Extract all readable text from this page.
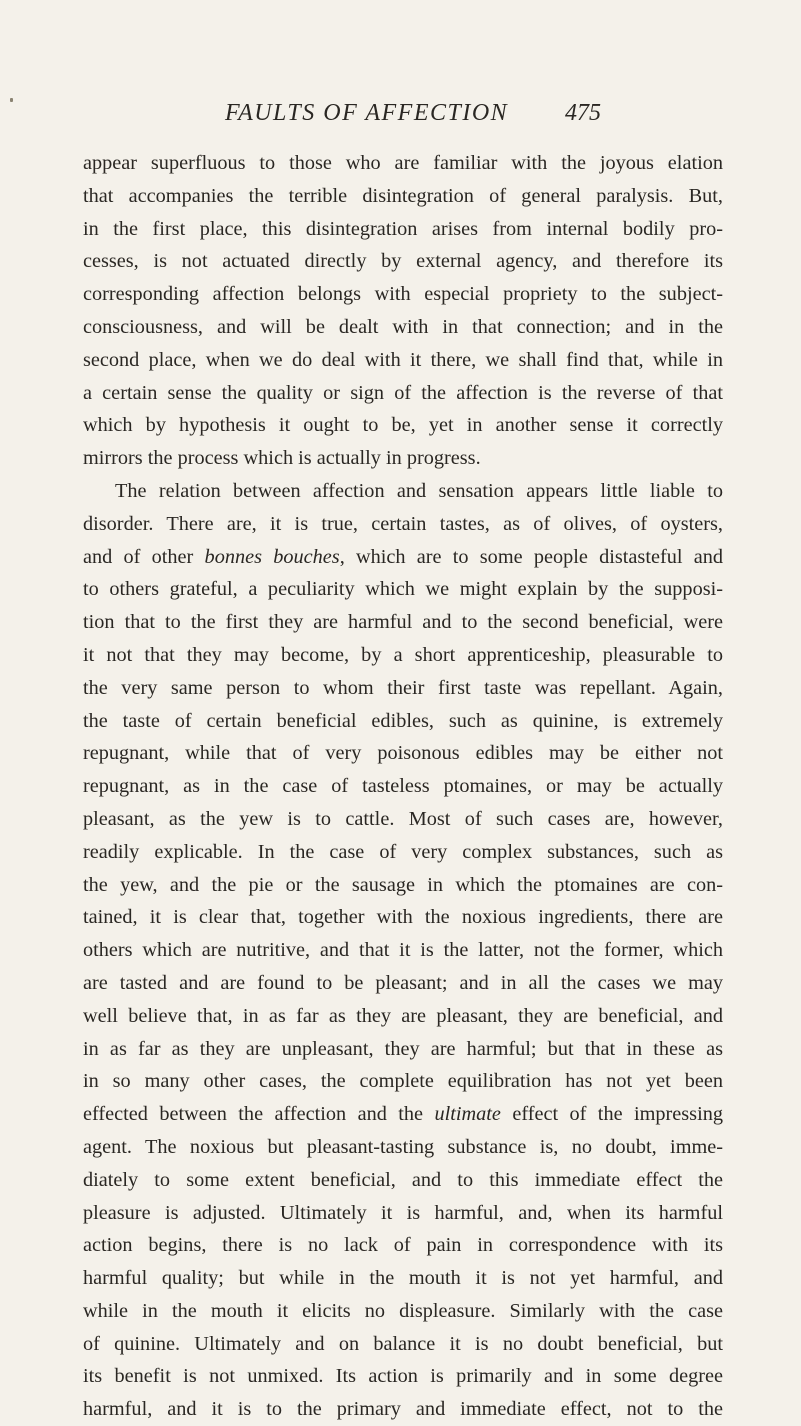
FAULTS OF AFFECTION 475
appear superfluous to those who are familiar with the joyous elation
that accompanies the terrible disintegration of general paralysis. But,
in the first place, this disintegration arises from internal bodily pro-
cesses, is not actuated directly by external agency, and therefore its
corresponding affection belongs with especial propriety to the subject-
consciousness, and will be dealt with in that connection; and in the
second place, when we do deal with it there, we shall find that, while in
a certain sense the quality or sign of the affection is the reverse of that
which by hypothesis it ought to be, yet in another sense it correctly
mirrors the process which is actually in progress.
The relation between affection and sensation appears little liable to
disorder. There are, it is true, certain tastes, as of olives, of oysters,
and of other bonnes bouches, which are to some people distasteful and
to others grateful, a peculiarity which we might explain by the supposi-
tion that to the first they are harmful and to the second beneficial, were
it not that they may become, by a short apprenticeship, pleasurable to
the very same person to whom their first taste was repellant. Again,
the taste of certain beneficial edibles, such as quinine, is extremely
repugnant, while that of very poisonous edibles may be either not
repugnant, as in the case of tasteless ptomaines, or may be actually
pleasant, as the yew is to cattle. Most of such cases are, however,
readily explicable. In the case of very complex substances, such as
the yew, and the pie or the sausage in which the ptomaines are con-
tained, it is clear that, together with the noxious ingredients, there are
others which are nutritive, and that it is the latter, not the former, which
are tasted and are found to be pleasant; and in all the cases we may
well believe that, in as far as they are pleasant, they are beneficial, and
in as far as they are unpleasant, they are harmful; but that in these as
in so many other cases, the complete equilibration has not yet been
effected between the affection and the ultimate effect of the impressing
agent. The noxious but pleasant-tasting substance is, no doubt, imme-
diately to some extent beneficial, and to this immediate effect the
pleasure is adjusted. Ultimately it is harmful, and, when its harmful
action begins, there is no lack of pain in correspondence with its
harmful quality; but while in the mouth it is not yet harmful, and
while in the mouth it elicits no displeasure. Similarly with the case
of quinine. Ultimately and on balance it is no doubt beneficial, but
its benefit is not unmixed. Its action is primarily and in some degree
harmful, and it is to the primary and immediate effect, not to the
